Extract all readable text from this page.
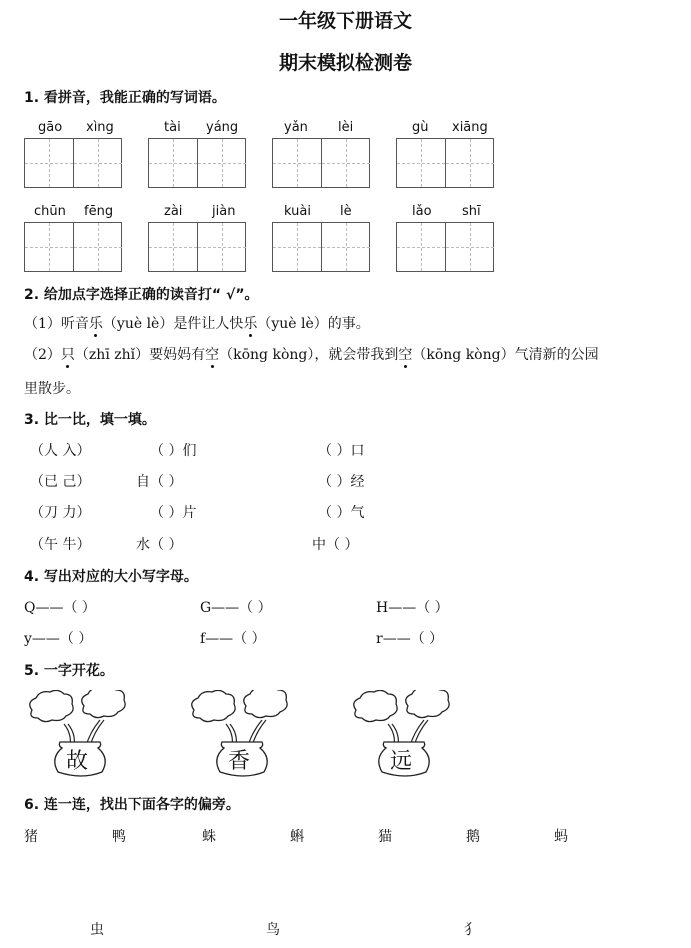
一年级下册语文
期末模拟检测卷
1. 看拼音，我能正确的写词语。
gāo xìng	tài yáng	yǎn lèi	gù xiāng
chūn fēng	zài jiàn	kuài lè	lǎo shī
2. 给加点字选择正确的读音打“ √”。
（1）听音乐（yuè lè）是件让人快乐（yuè lè）的事。
（2）只（zhī zhǐ）要妈妈有空（kōng kòng），就会带我到空（kōng kòng）气清新的公园
里散步。
3. 比一比，填一填。
（人 入）	（ ）们	（ ）口
（已 己）	自（ ）	（ ）经
（刀 力）	（ ）片	（ ）气
（午 牛）	水（ ）	中（ ）
4. 写出对应的大小写字母。
Q——（ ）	G——（ ）	H——（ ）
y——（ ）	f——（ ）	r——（ ）
5. 一字开花。
故	香	远
6. 连一连，找出下面各字的偏旁。
猪	鸭	蛛	蝌	猫	鹅	蚂
虫	鸟	犭
